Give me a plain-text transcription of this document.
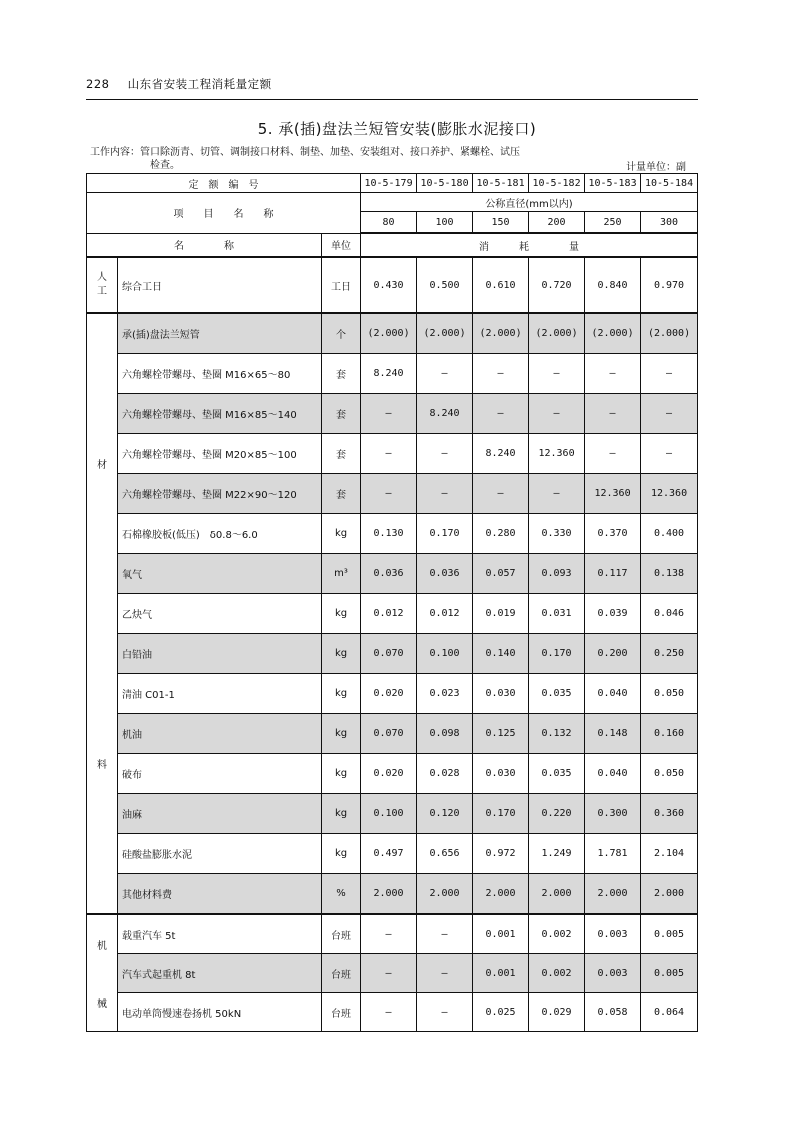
228 山东省安装工程消耗量定额
5. 承(插)盘法兰短管安装(膨胀水泥接口)
工作内容：管口除沥青、切管、调制接口材料、制垫、加垫、安装组对、接口养护、紧螺栓、试压
检查。	计量单位：副
定　额　编　号			10-5-179	10-5-180	10-5-181	10-5-182	10-5-183	10-5-184
项　　目　　名　　称			公称直径(mm以内)					
			80	100	150	200	250	300
名　　　　称		单位	消　　　耗　　　　量					
人工	综合工日	工日	0.430	0.500	0.610	0.720	0.840	0.970

材
料	承(插)盘法兰短管	个	(2.000)	(2.000)	(2.000)	(2.000)	(2.000)	(2.000)
	六角螺栓带螺母、垫圈 M16×65～80	套	8.240	—	—	—	—	—
	六角螺栓带螺母、垫圈 M16×85～140	套	—	8.240	—	—	—	—
	六角螺栓带螺母、垫圈 M20×85～100	套	—	—	8.240	12.360	—	—
	六角螺栓带螺母、垫圈 M22×90～120	套	—	—	—	—	12.360	12.360
	石棉橡胶板(低压)　δ0.8～6.0	kg	0.130	0.170	0.280	0.330	0.370	0.400
	氧气	m³	0.036	0.036	0.057	0.093	0.117	0.138
	乙炔气	kg	0.012	0.012	0.019	0.031	0.039	0.046
	白铅油	kg	0.070	0.100	0.140	0.170	0.200	0.250
	清油 C01-1	kg	0.020	0.023	0.030	0.035	0.040	0.050
	机油	kg	0.070	0.098	0.125	0.132	0.148	0.160
	破布	kg	0.020	0.028	0.030	0.035	0.040	0.050
	油麻	kg	0.100	0.120	0.170	0.220	0.300	0.360
	硅酸盐膨胀水泥	kg	0.497	0.656	0.972	1.249	1.781	2.104
	其他材料费	%	2.000	2.000	2.000	2.000	2.000	2.000

机
械	载重汽车 5t	台班	—	—	0.001	0.002	0.003	0.005
	汽车式起重机 8t	台班	—	—	0.001	0.002	0.003	0.005
	电动单筒慢速卷扬机 50kN	台班	—	—	0.025	0.029	0.058	0.064
